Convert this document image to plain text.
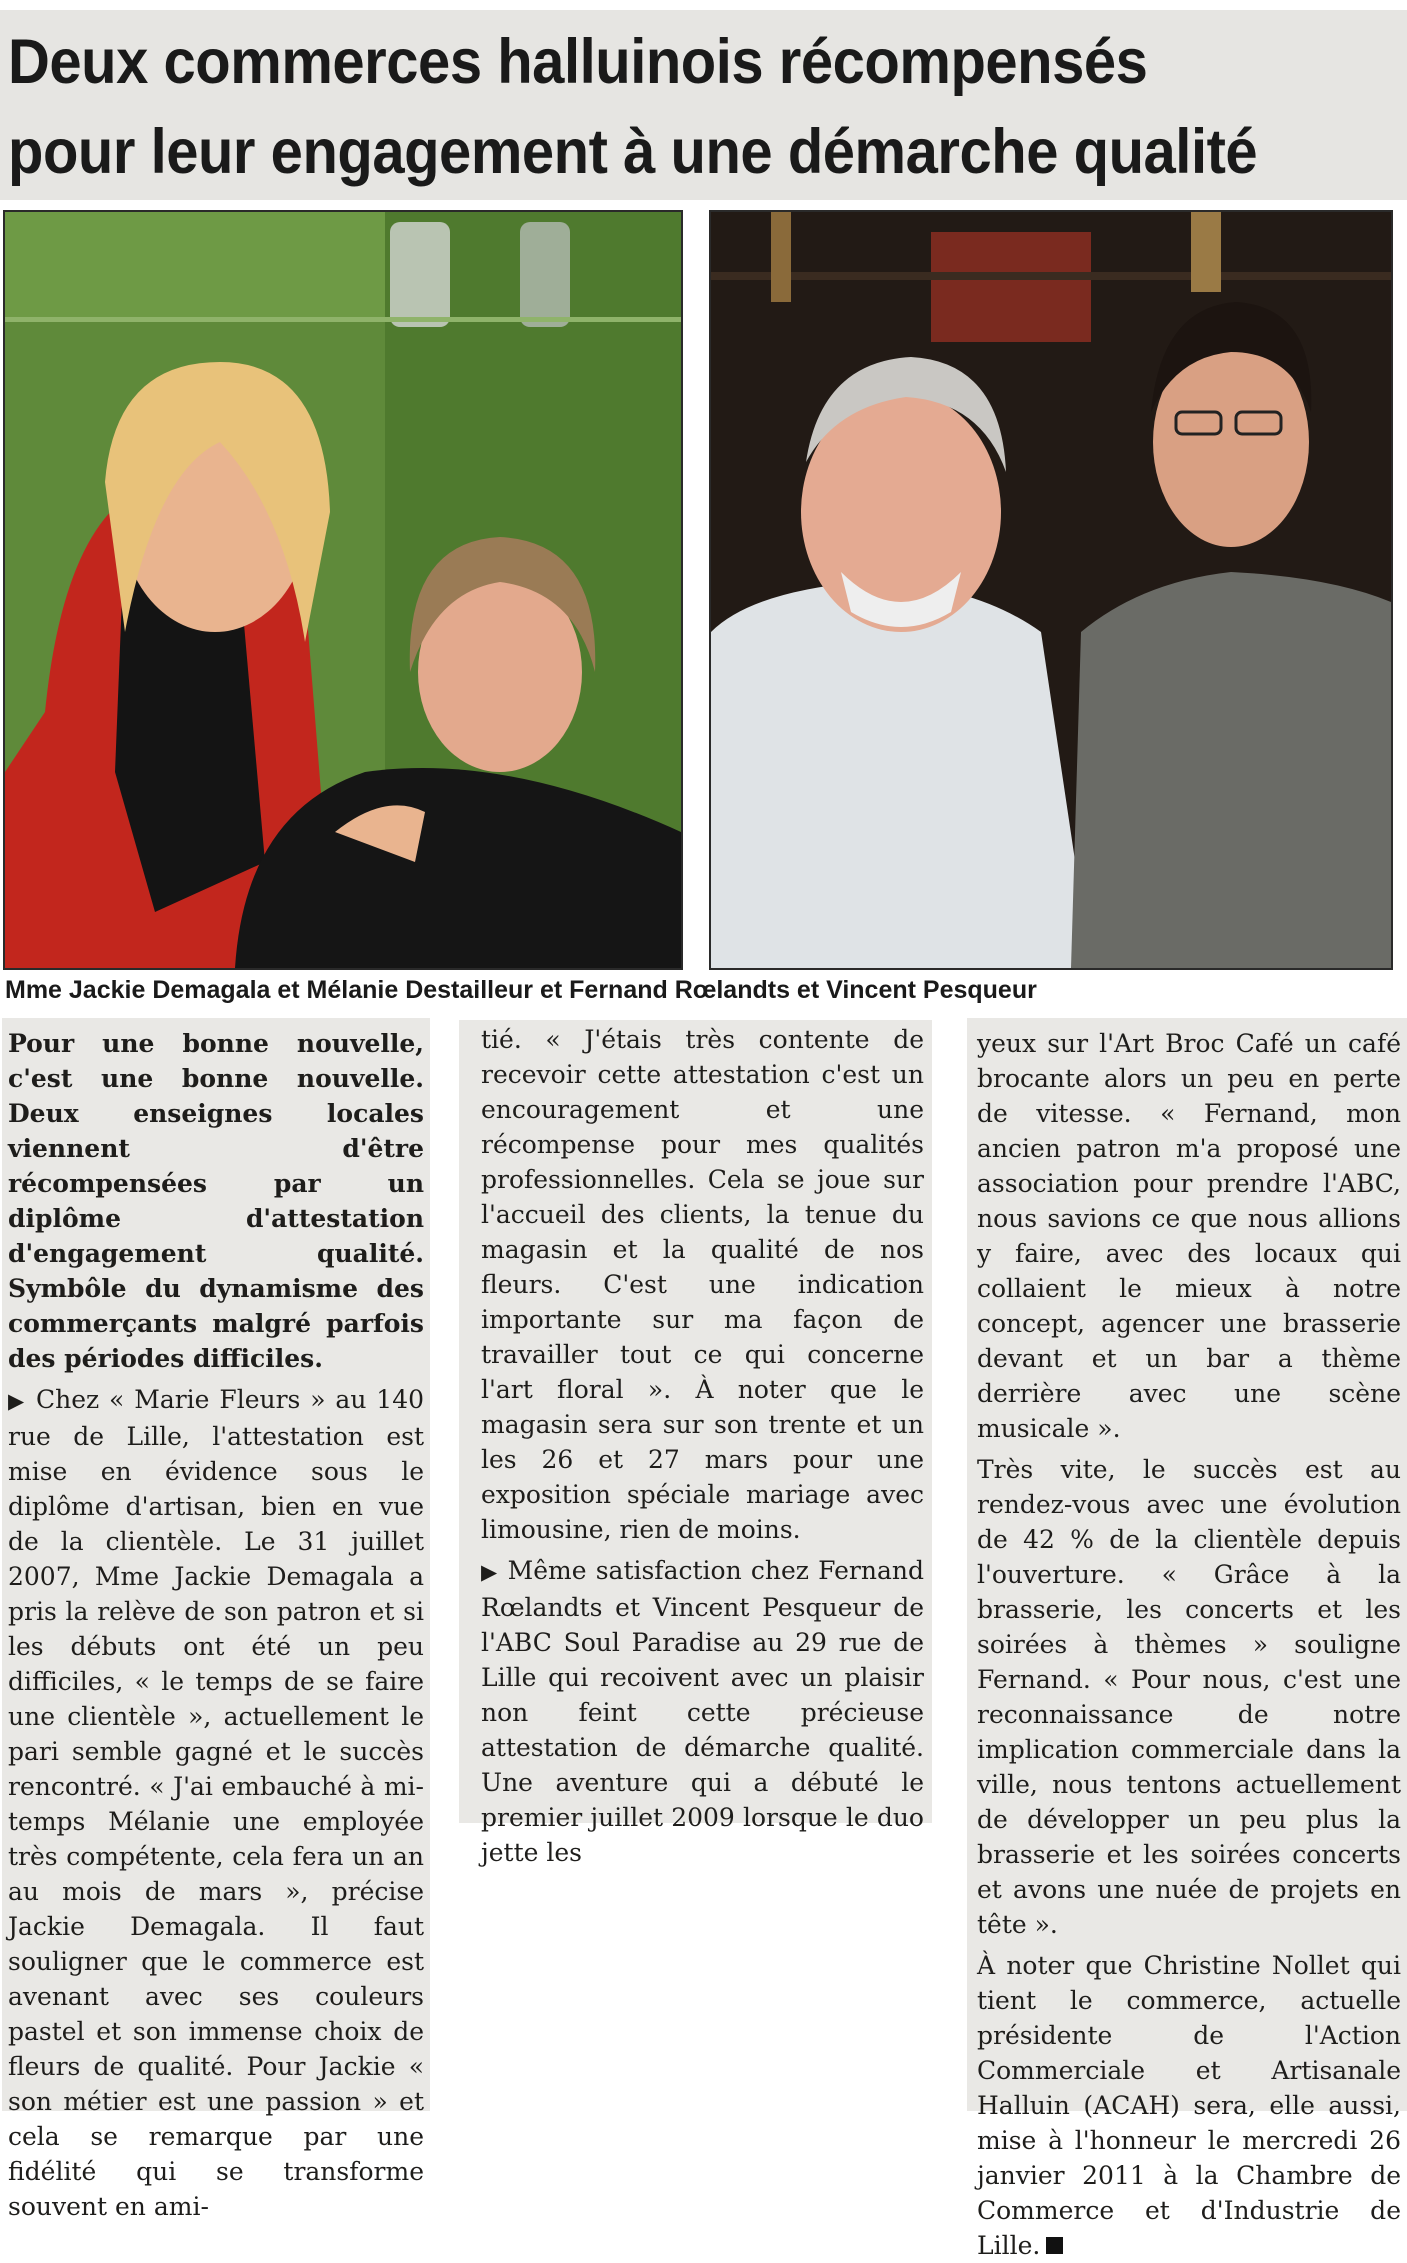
Deux commerces halluinois récompensés
pour leur engagement à une démarche qualité
Mme Jackie Demagala et Mélanie Destailleur et Fernand Rœlandts et Vincent Pesqueur

Pour une bonne nouvelle, c'est une bonne nouvelle. Deux enseignes locales viennent d'être récompensées par un diplôme d'attestation d'engagement qualité. Symbôle du dynamisme des commerçants malgré parfois des périodes difficiles.

▶ Chez « Marie Fleurs » au 140 rue de Lille, l'attestation est mise en évidence sous le diplôme d'artisan, bien en vue de la clientèle. Le 31 juillet 2007, Mme Jackie Demagala a pris la relève de son patron et si les débuts ont été un peu difficiles, « le temps de se faire une clientèle », actuellement le pari semble gagné et le succès rencontré. « J'ai embauché à mi-temps Mélanie une employée très compétente, cela fera un an au mois de mars », précise Jackie Demagala. Il faut souligner que le commerce est avenant avec ses couleurs pastel et son immense choix de fleurs de qualité. Pour Jackie « son métier est une passion » et cela se remarque par une fidélité qui se transforme souvent en ami-

tié. « J'étais très contente de recevoir cette attestation c'est un encouragement et une récompense pour mes qualités professionnelles. Cela se joue sur l'accueil des clients, la tenue du magasin et la qualité de nos fleurs. C'est une indication importante sur ma façon de travailler tout ce qui concerne l'art floral ». À noter que le magasin sera sur son trente et un les 26 et 27 mars pour une exposition spéciale mariage avec limousine, rien de moins.

▶ Même satisfaction chez Fernand Rœlandts et Vincent Pesqueur de l'ABC Soul Paradise au 29 rue de Lille qui recoivent avec un plaisir non feint cette précieuse attestation de démarche qualité. Une aventure qui a débuté le premier juillet 2009 lorsque le duo jette les

yeux sur l'Art Broc Café un café brocante alors un peu en perte de vitesse. « Fernand, mon ancien patron m'a proposé une association pour prendre l'ABC, nous savions ce que nous allions y faire, avec des locaux qui collaient le mieux à notre concept, agencer une brasserie devant et un bar a thème derrière avec une scène musicale ».

Très vite, le succès est au rendez-vous avec une évolution de 42 % de la clientèle depuis l'ouverture. « Grâce à la brasserie, les concerts et les soirées à thèmes » souligne Fernand. « Pour nous, c'est une reconnaissance de notre implication commerciale dans la ville, nous tentons actuellement de développer un peu plus la brasserie et les soirées concerts et avons une nuée de projets en tête ».

À noter que Christine Nollet qui tient le commerce, actuelle présidente de l'Action Commerciale et Artisanale Halluin (ACAH) sera, elle aussi, mise à l'honneur le mercredi 26 janvier 2011 à la Chambre de Commerce et d'Industrie de Lille.
